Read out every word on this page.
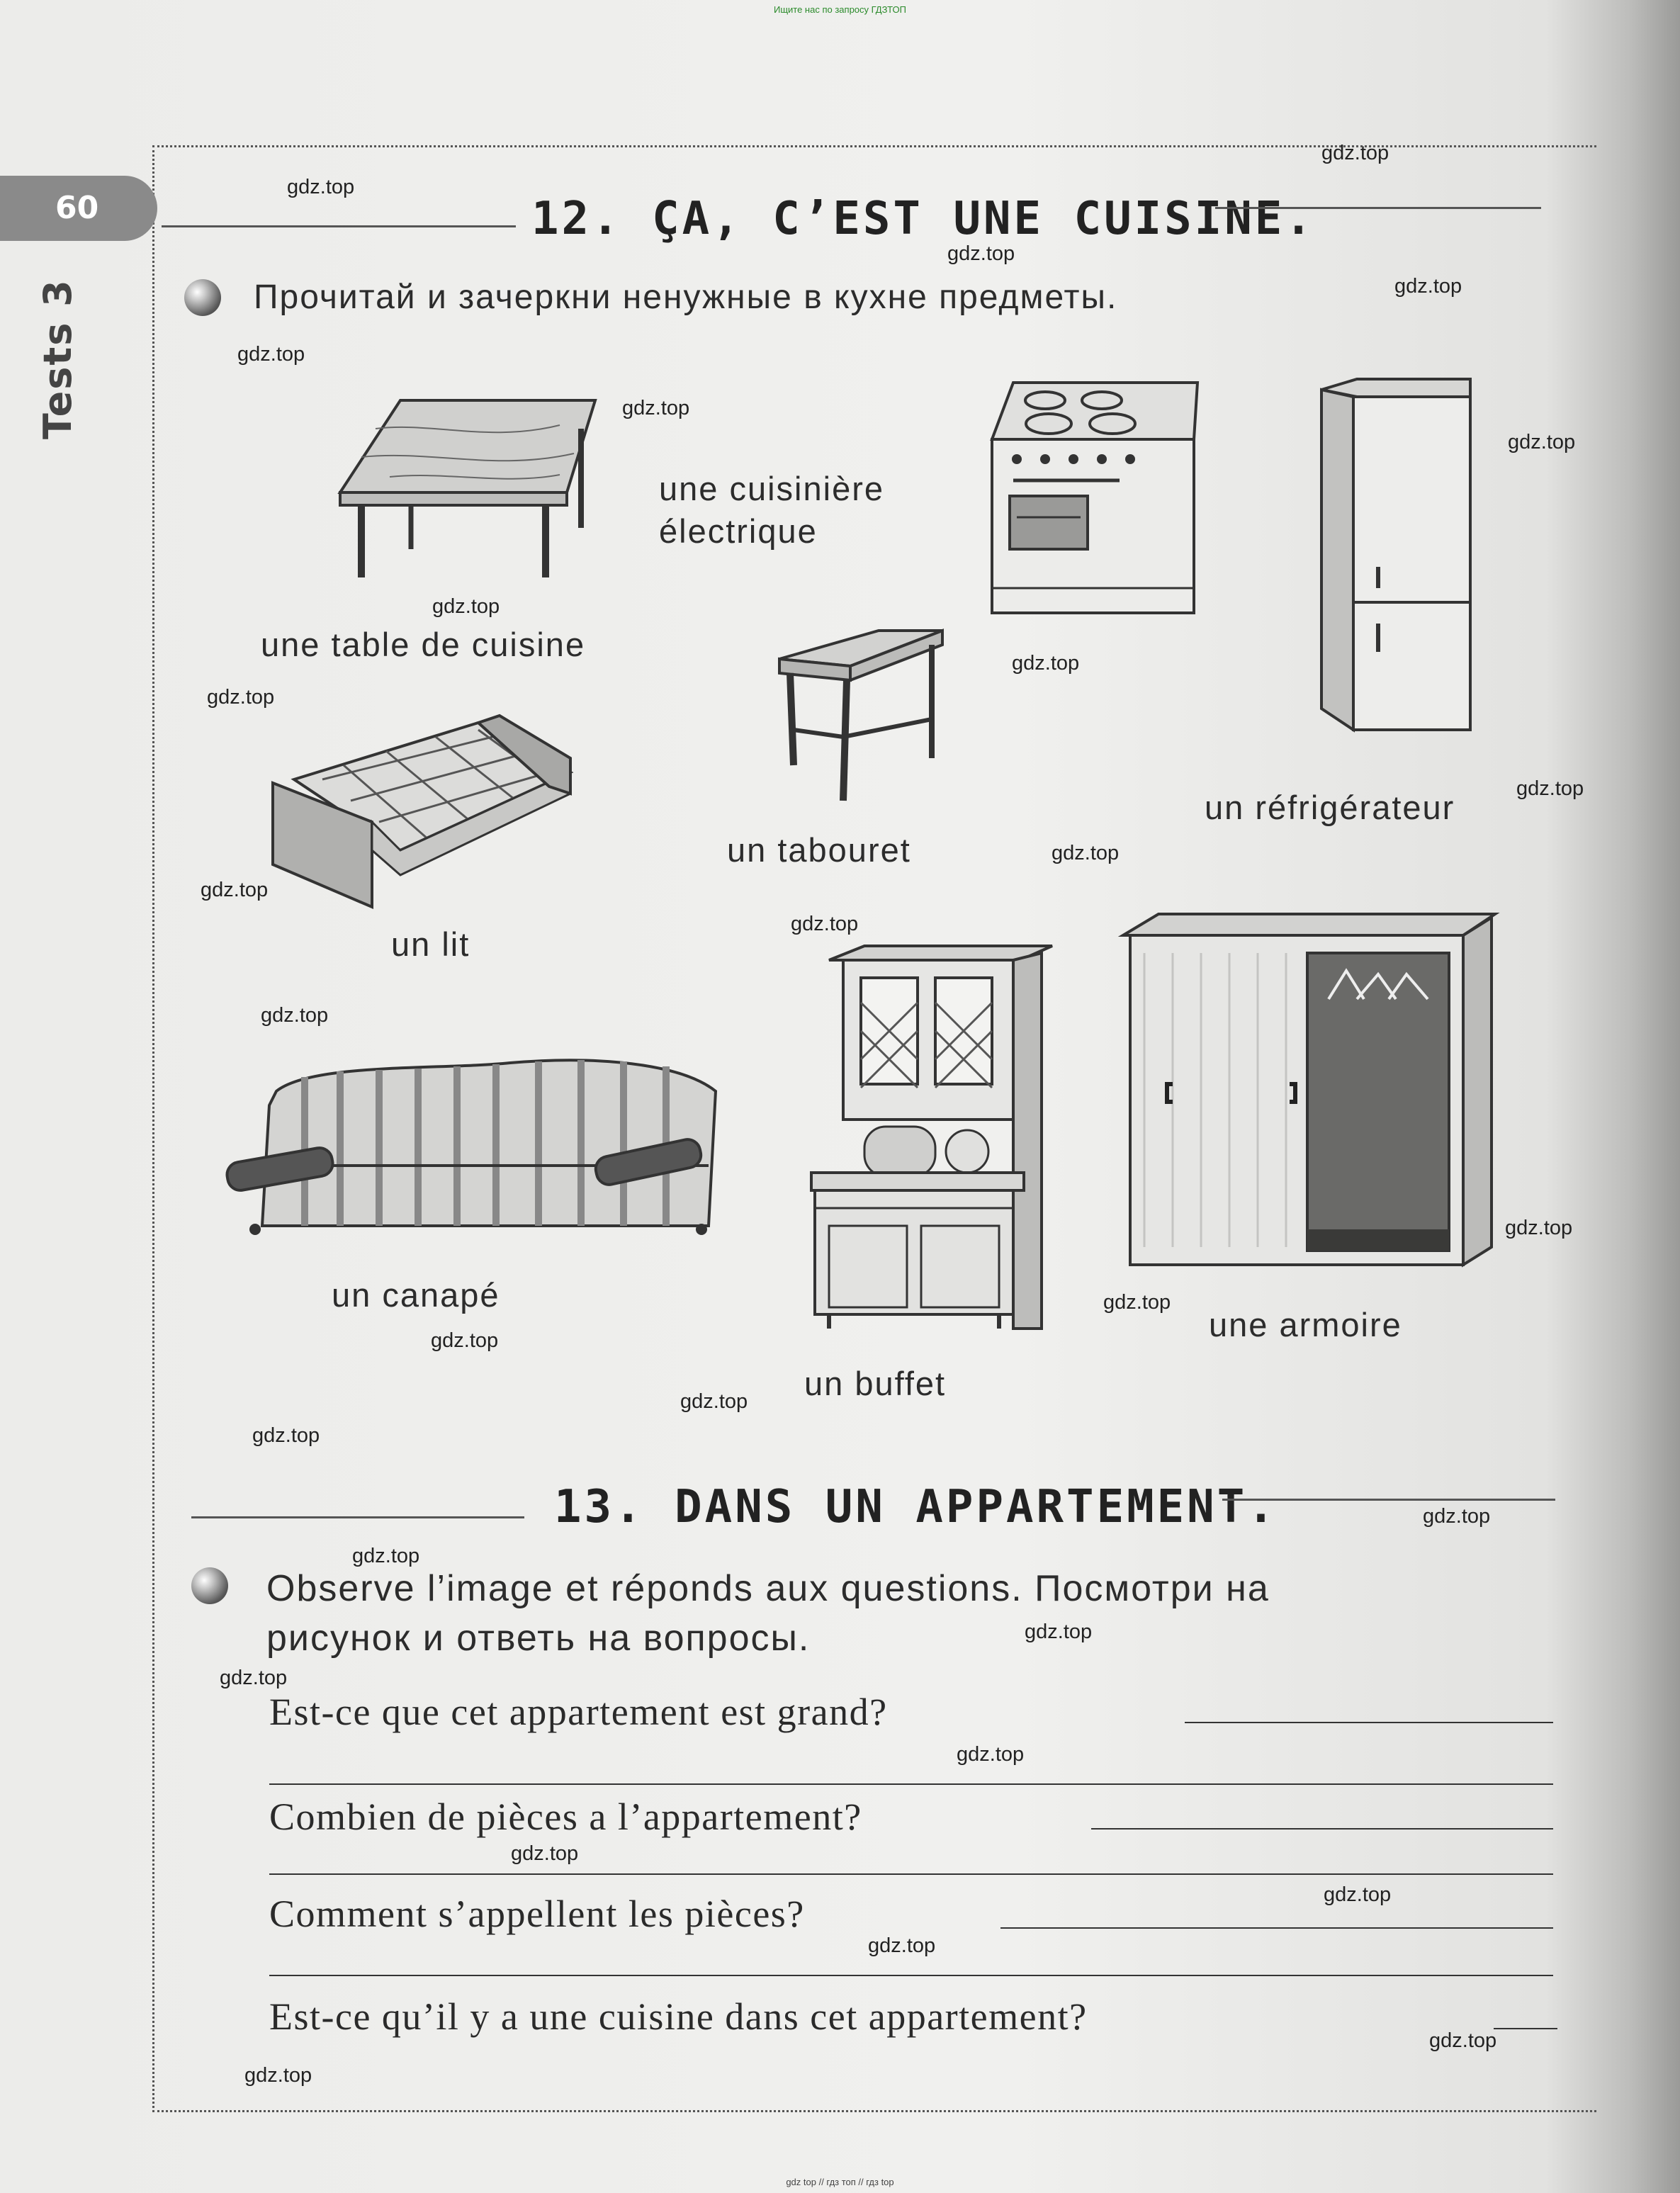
Ищите нас по запросу ГДЗТОП
60
Tests 3
12. ÇA, C’EST UNE CUISINE.
Прочитай и зачеркни ненужные в кухне предметы.
une table de cuisine
une cuisinière
électrique
un réfrigérateur
un tabouret
un lit
un canapé
un buffet
une armoire
13. DANS UN APPARTEMENT.
Observe l’image et réponds aux questions. Посмотри на
рисунок и ответь на вопросы.
Est-ce que cet appartement est grand?
Combien de pièces a l’appartement?
Comment s’appellent les pièces?
Est-ce qu’il y a une cuisine dans cet appartement?
gdz.top
gdz.top
gdz.top
gdz.top
gdz.top
gdz.top
gdz.top
gdz.top
gdz.top
gdz.top
gdz.top
gdz.top
gdz.top
gdz.top
gdz.top
gdz.top
gdz.top
gdz.top
gdz.top
gdz.top
gdz.top
gdz.top
gdz.top
gdz.top
gdz.top
gdz.top
gdz.top
gdz.top
gdz.top
gdz.top
gdz top // гдз топ // гдз top
